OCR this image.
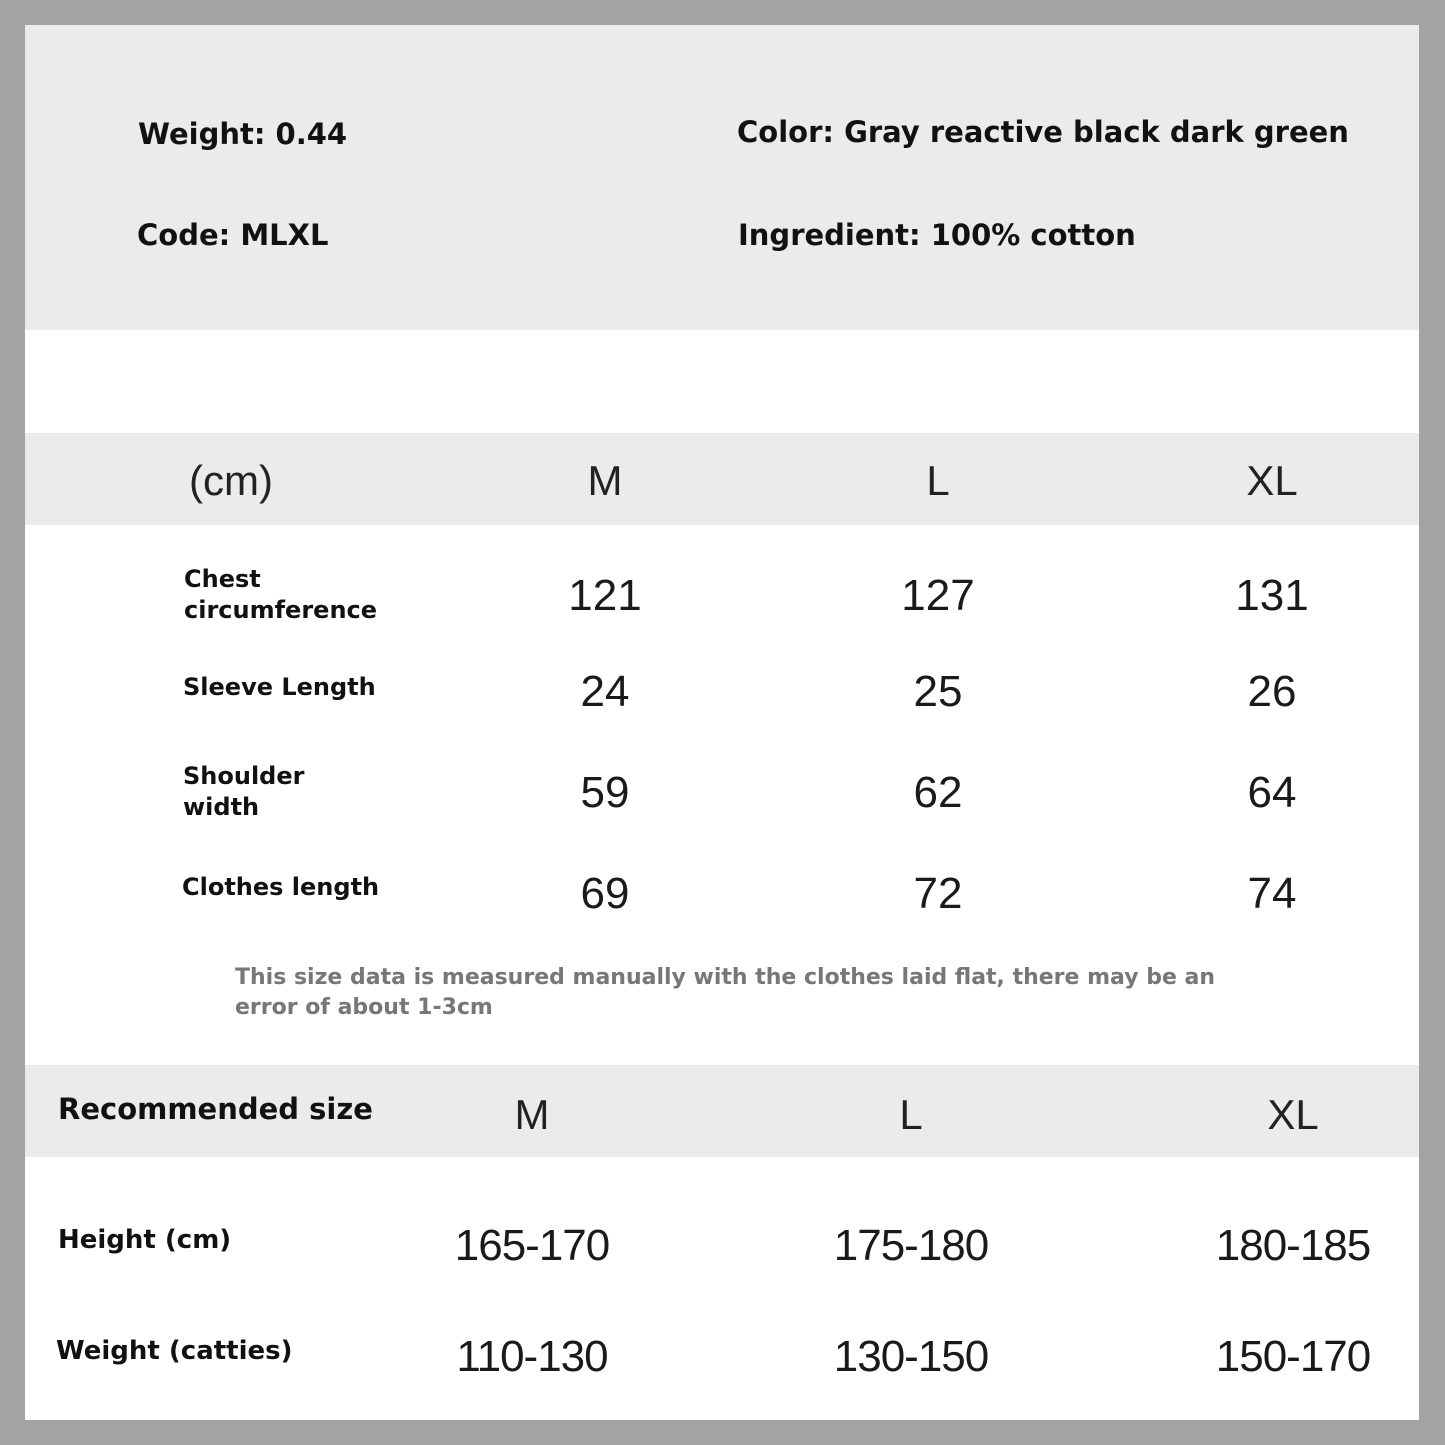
Weight: 0.44	Color: Gray reactive black dark green
Code: MLXL	Ingredient: 100% cotton
(cm)	M	L	XL
Chest
circumference	121	127	131
Sleeve Length	24	25	26
Shoulder
width	59	62	64
Clothes length	69	72	74
This size data is measured manually with the clothes laid flat, there may be an error of about 1-3cm
Recommended size	M	L	XL
Height (cm)	165-170	175-180	180-185
Weight (catties)	110-130	130-150	150-170
